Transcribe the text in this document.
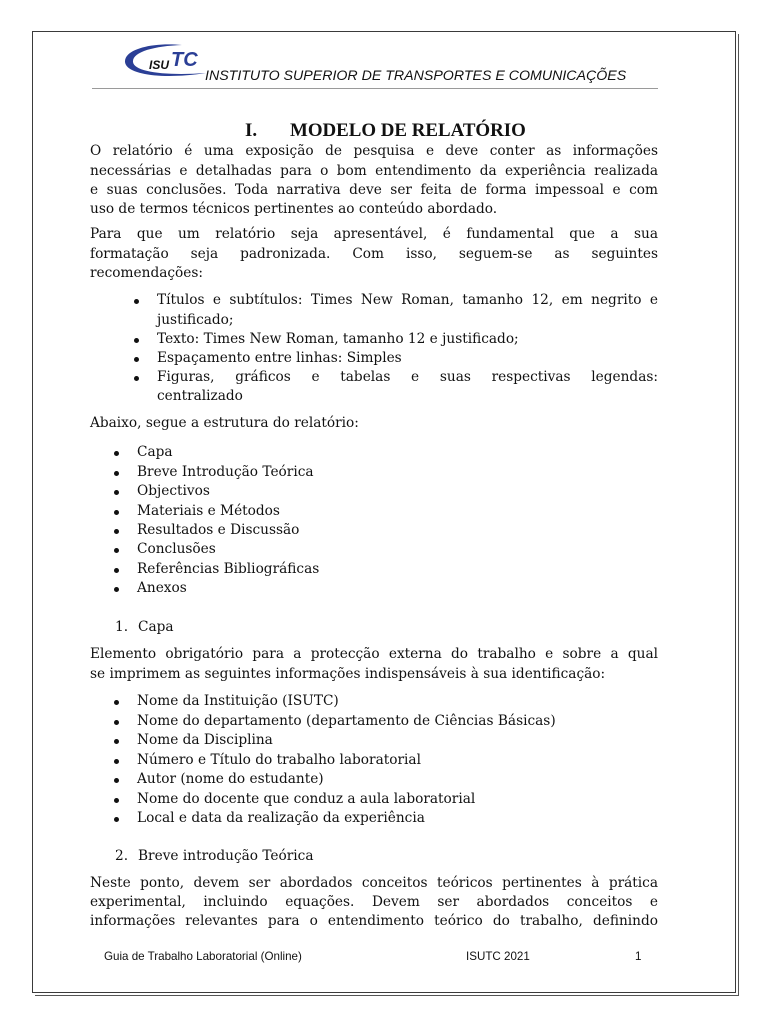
ISU TC
INSTITUTO SUPERIOR DE TRANSPORTES E COMUNICAÇÕES
I. MODELO DE RELATÓRIO
O relatório é uma exposição de pesquisa e deve conter as informações
necessárias e detalhadas para o bom entendimento da experiência realizada
e suas conclusões. Toda narrativa deve ser feita de forma impessoal e com
uso de termos técnicos pertinentes ao conteúdo abordado.
Para que um relatório seja apresentável, é fundamental que a sua
formatação seja padronizada. Com isso, seguem-se as seguintes
recomendações:
Títulos e subtítulos: Times New Roman, tamanho 12, em negrito e
justificado;
Texto: Times New Roman, tamanho 12 e justificado;
Espaçamento entre linhas: Simples
Figuras, gráficos e tabelas e suas respectivas legendas:
centralizado
Abaixo, segue a estrutura do relatório:
Capa
Breve Introdução Teórica
Objectivos
Materiais e Métodos
Resultados e Discussão
Conclusões
Referências Bibliográficas
Anexos
1. Capa
Elemento obrigatório para a protecção externa do trabalho e sobre a qual
se imprimem as seguintes informações indispensáveis à sua identificação:
Nome da Instituição (ISUTC)
Nome do departamento (departamento de Ciências Básicas)
Nome da Disciplina
Número e Título do trabalho laboratorial
Autor (nome do estudante)
Nome do docente que conduz a aula laboratorial
Local e data da realização da experiência
2. Breve introdução Teórica
Neste ponto, devem ser abordados conceitos teóricos pertinentes à prática
experimental, incluindo equações. Devem ser abordados conceitos e
informações relevantes para o entendimento teórico do trabalho, definindo
Guia de Trabalho Laboratorial (Online)	ISUTC 2021	1
